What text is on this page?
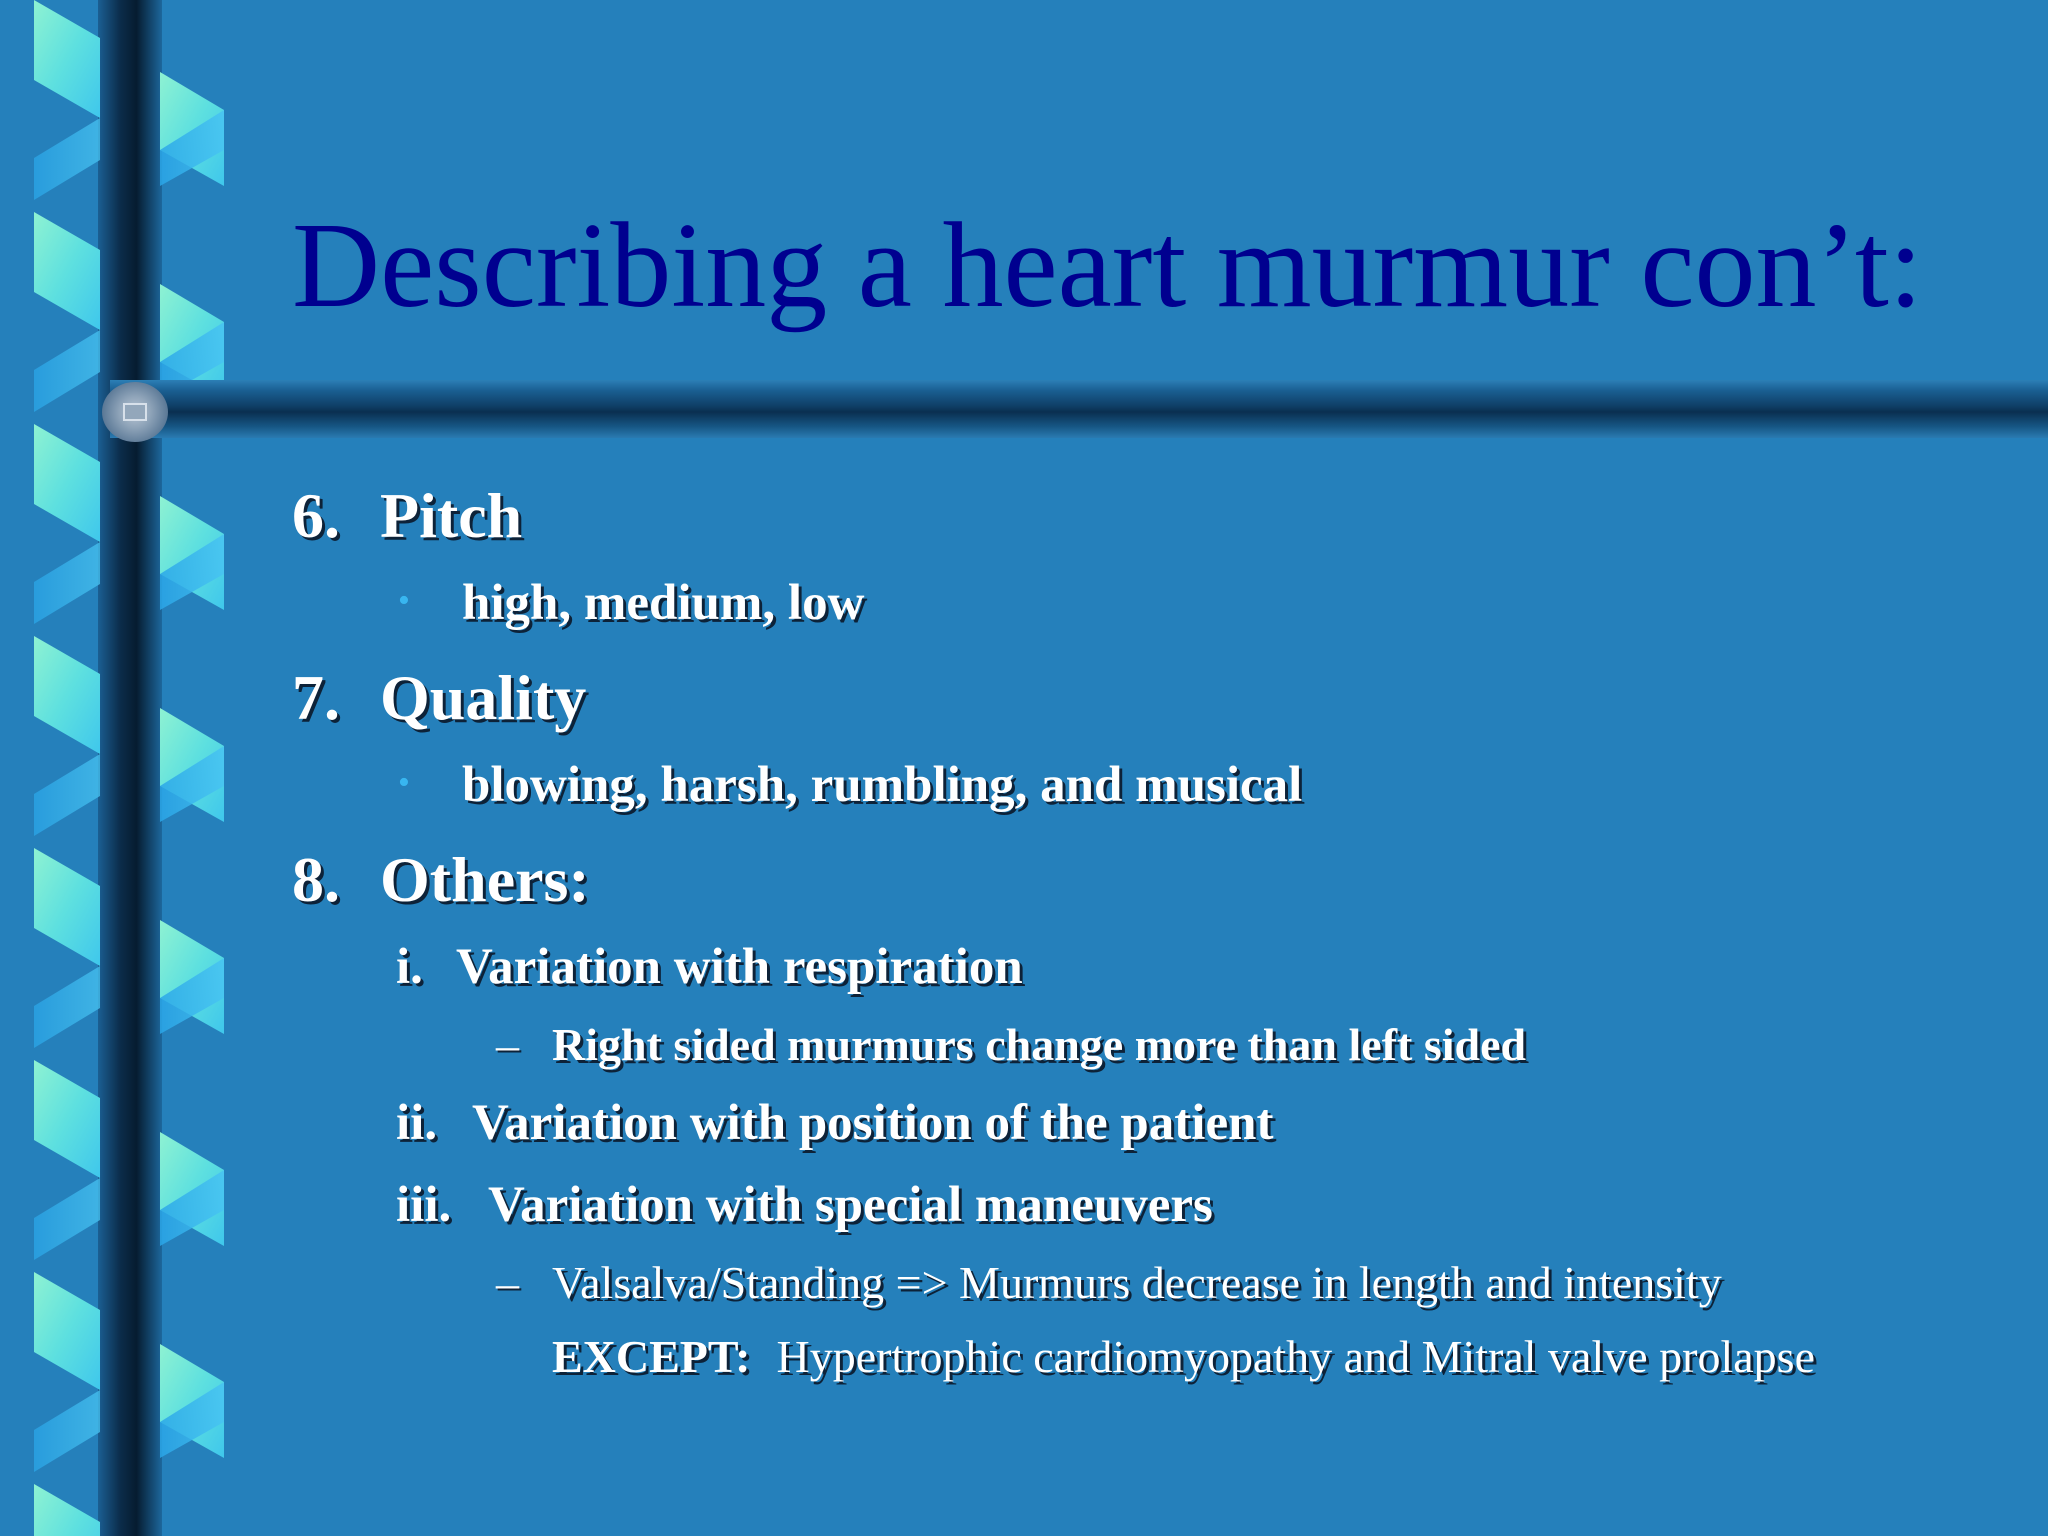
Describing a heart murmur con’t:
6. Pitch
• high, medium, low
7. Quality
• blowing, harsh, rumbling, and musical
8. Others:
i. Variation with respiration
– Right sided murmurs change more than left sided
ii. Variation with position of the patient
iii. Variation with special maneuvers
– Valsalva/Standing => Murmurs decrease in length and intensity
EXCEPT: Hypertrophic cardiomyopathy and Mitral valve prolapse
